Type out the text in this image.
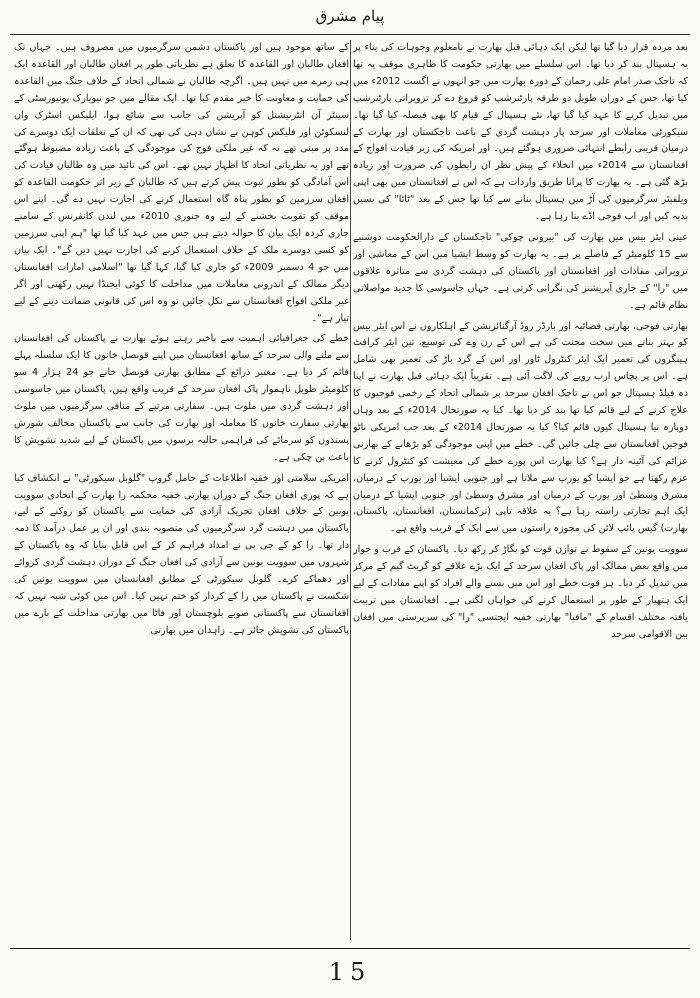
پیام مشرق

بعد مردہ قرار دیا گیا تھا لیکن ایک دہائی قبل بھارت نے نامعلوم وجوہات کی بناء پر یہ ہسپتال بند کر دیا تھا۔ اس سلسلے میں بھارتی حکومت کا ظاہری موقف یہ تھا کہ تاجک صدر امام علی رحمان کے دورہ بھارت میں جو انہوں نے اگست 2012ء میں کیا تھا، جس کے دوران طویل دو طرفہ پارٹنرشپ کو فروغ دے کر تزویراتی پارٹنرشپ میں تبدیل کرنے کا عہد کیا گیا تھا، نئے ہسپتال کے قیام کا بھی فیصلہ کیا گیا تھا۔ سیکورٹی معاملات اور سرحد پار دہشت گردی کے باعث تاجکستان اور بھارت کے درمیان قریبی رابطے انتہائی ضروری ہوگئے ہیں۔ اور امریکہ کی زیر قیادت افواج کے افغانستان سے 2014ء میں انخلاء کے پیش نظر ان رابطوں کی ضرورت اور زیادہ بڑھ گئی ہے۔ یہ بھارت کا پرانا طریق واردات ہے کہ اس نے افغانستان میں بھی اپنی ویلفیئر سرگرمیوں کی آڑ میں ہسپتال بنانے سے کیا تھا جس کے بعد "ٹاٹا" کی بسیں بدیہ کیں اور اب فوجی اڈے بنا رہا ہے۔

عینی ایئر بیس میں بھارت کی "بیرونی چوکی" تاجکستان کے دارالحکومت دوشنبے سے 15 کلومیٹر کے فاصلے پر ہے۔ یہ بھارت کو وسط ایشیا میں اس کے معاشی اور تزویراتی مفادات اور افغانستان اور پاکستان کی دہشت گردی سے متاثرہ علاقوں میں "را" کے جاری آپریشنز کی نگرانی کرتی ہے۔ جہاں جاسوسی کا جدید مواصلاتی نظام قائم ہے۔

بھارتی فوجی، بھارتی فضائیہ اور بارڈر روڈ آرگنائزیشن کے اہلکاروں نے اس ایئر بیس کو بہتر بنانے میں سخت محنت کی ہے اس کے رن وے کی توسیع، تین ایئر کرافٹ ہینگروں کی تعمیر ایک ایئر کنٹرول ٹاور اور اس کے گرد باڑ کی تعمیر بھی شامل ہے۔ اس پر پچاس ارب روپے کی لاگت آئی ہے۔ تقریباً ایک دہائی قبل بھارت نے اپنا دہ فیلڈ ہسپتال جو اس نے تاجک افغان سرحد پر شمالی اتحاد کے زخمی فوجیوں کا علاج کرنے کے لیے قائم کیا تھا بند کر دیا تھا۔ کیا یہ صورتحال 2014ء کے بعد وہاں دوبارہ نیا ہسپتال کیوں قائم کیا؟ کیا یہ صورتحال 2014ء کے بعد جب امریکی ناٹو فوجیں افغانستان سے چلی جائیں گی۔ خطے میں اپنی موجودگی کو بڑھانے کے بھارتی عزائم کی آئینہ دار ہے؟ کیا بھارت اس پورے خطے کی معیشت کو کنٹرول کرنے کا عزم رکھتا ہے جو ایشیا کو یورپ سے ملاتا ہے اور جنوبی ایشیا اور یورپ کے درمیان، مشرق وسطیٰ اور یورپ کے درمیان اور مشرق وسطیٰ اور جنوبی ایشیا کے درمیان ایک اہم تجارتی راستہ رہا ہے؟ یہ علاقہ تاپی (ترکمانستان، افغانستان، پاکستان، بھارت) گیس پائپ لائن کی مجوزہ راستوں میں سے ایک کے قریب واقع ہے۔

سوویت یونین کے سقوط نے توازن قوت کو بگاڑ کر رکھ دیا۔ پاکستان کے قرب و جوار میں واقع بعض ممالک اور پاک افغان سرحد کے ایک بڑے علاقے کو گریٹ گیم کے مرکز میں تبدیل کر دیا۔ ہر قوت خطے اور اس میں بسنے والے افراد کو اپنے مفادات کے لیے ایک ہتھیار کے طور پر استعمال کرنے کی خواہاں لگتی ہے۔ افغانستان میں تربیت یافتہ مختلف اقسام کے "مافیا" بھارتی خفیہ ایجنسی "را" کی سرپرستی میں افغان بین الاقوامی سرحد

کے ساتھ موجود ہیں اور پاکستان دشمن سرگرمیوں میں مصروف ہیں۔ جہاں تک افغان طالبان اور القاعدہ کا تعلق ہے نظریاتی طور پر افغان طالبان اور القاعدہ ایک ہی زمرے میں نہیں ہیں۔ اگرچہ طالبان نے شمالی اتحاد کے خلاف جنگ میں القاعدہ کی حمایت و معاونت کا خیر مقدم کیا تھا۔ ایک مقالے میں جو نیویارک یونیورسٹی کے سینٹر آن انٹرنیشنل کو آپریشن کی جانب سے شائع ہوا، ایلیکس اسٹرک وان لنسکوٹن اور فلیکس کوہن نے نشان دہی کی تھی کہ ان کے تعلقات ایک دوسرے کی مدد پر مبنی تھے نہ کہ غیر ملکی فوج کی موجودگی کے باعث زیادہ مضبوط ہوگئے تھے اور یہ نظریاتی اتحاد کا اظہار نہیں تھے۔ اس کی تائید میں وہ طالبان قیادت کی اس آمادگی کو بطور ثبوت پیش کرتے ہیں کہ طالبان کے زیر اثر حکومت القاعدہ کو افغان سرزمین کو بطور پناہ گاہ استعمال کرنے کی اجازت نہیں دے گی۔ اپنے اس موقف کو تقویت بخشنے کے لیے وہ جنوری 2010ء میں لندن کانفرنس کے سامنے جاری کردہ ایک بیان کا حوالہ دیتے ہیں جس میں عہد کیا گیا تھا "ہم اپنی سرزمین کو کسی دوسرے ملک کے خلاف استعمال کرنے کی اجازت نہیں دیں گے"۔ ایک بیان میں جو 4 دسمبر 2009ء کو جاری کیا گیا، کہا گیا تھا "اسلامی امارات افغانستان دیگر ممالک کے اندرونی معاملات میں مداخلت کا کوئی ایجنڈا نہیں رکھتی اور اگر غیر ملکی افواج افغانستان سے نکل جائیں تو وہ اس کی قانونی ضمانت دینے کے لیے تیار ہے"۔

خطے کی جغرافیائی اہمیت سے باخبر رہتے ہوئے بھارت نے پاکستان کی افغانستان سے ملنے والی سرحد کے ساتھ افغانستان میں اپنے قونصل خانوں کا ایک سلسلہ پہلے قائم کر دیا ہے۔ معتبر ذرائع کے مطابق بھارتی قونصل خانے جو 24 ہزار 4 سو کلومیٹر طویل ناہموار پاک افغان سرحد کے قریب واقع ہیں، پاکستان میں جاسوسی اور دہشت گردی میں ملوث ہیں۔ سفارتی مرتبے کے منافی سرگرمیوں میں ملوث بھارتی سفارت خانوں کا معاملہ اور بھارت کی جانب سے پاکستان مخالف شورش پسندوں کو سرمائے کی فراہمی حالیہ برسوں میں پاکستان کے لیے شدید تشویش کا باعث بن چکی ہے۔

امریکی سلامتی اور خفیہ اطلاعات کے حامل گروپ "گلوبل سیکورٹی" نے انکشاف کیا ہے کہ پوری افغان جنگ کے دوران بھارتی خفیہ محکمہ را بھارت کے اتحادی سوویت یونین کے خلاف افغان تحریک آزادی کی حمایت سے پاکستان کو روکنے کے لیے، پاکستان میں دہشت گرد سرگرمیوں کی منصوبہ بندی اور ان پر عمل درآمد کا ذمہ دار تھا۔ را کو کے جی بی نے امداد فراہم کر کے اس قابل بنایا کہ وہ پاکستان کے شہروں میں سوویت یونین سے آزادی کی افغان جنگ کے دوران دہشت گردی کروائے اور دھماکے کرے۔ گلوبل سیکورٹی کے مطابق افغانستان میں سوویت یونین کی شکست نے پاکستان میں را کے کردار کو ختم نہیں کیا۔ اس میں کوئی شبہ نہیں کہ افغانستان سے پاکستانی صوبے بلوچستان اور فاٹا میں بھارتی مداخلت کے بارے میں پاکستان کی تشویش جائز ہے۔ زاہدان میں بھارتی

15
